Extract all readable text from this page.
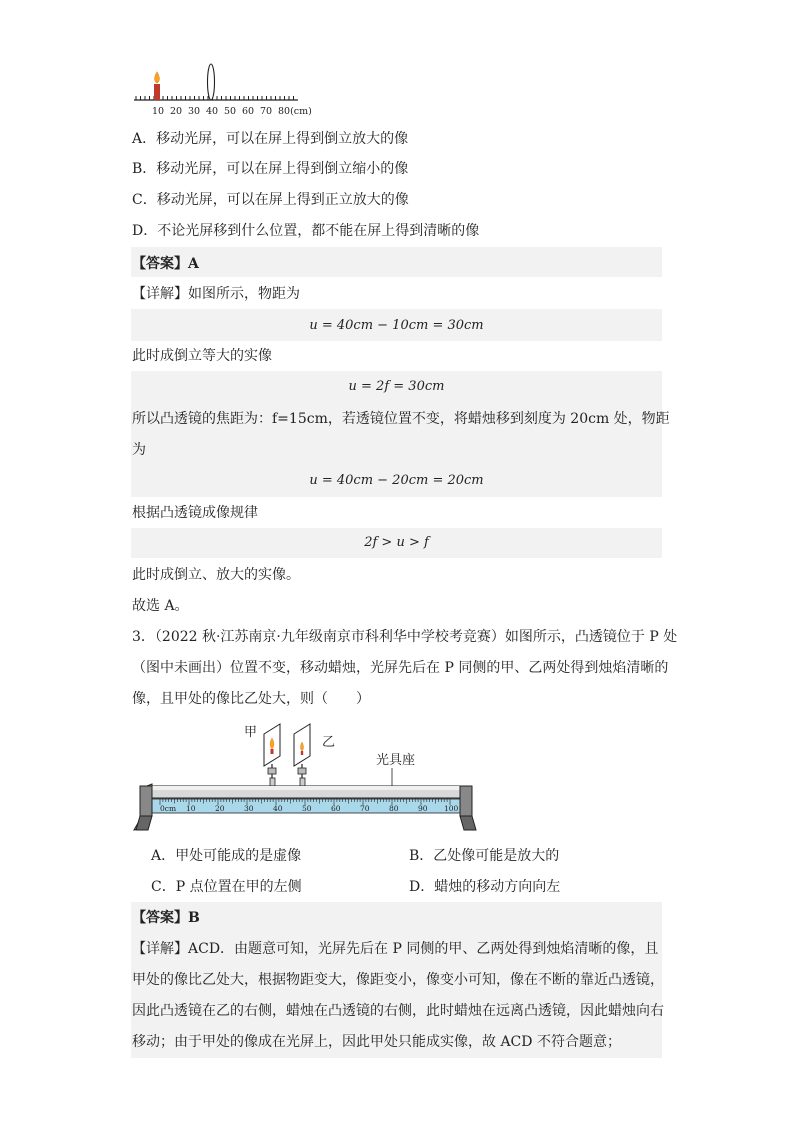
10 20 30 40 50 60 70 80(cm)
A．移动光屏，可以在屏上得到倒立放大的像
B．移动光屏，可以在屏上得到倒立缩小的像
C．移动光屏，可以在屏上得到正立放大的像
D．不论光屏移到什么位置，都不能在屏上得到清晰的像
【答案】A
【详解】如图所示，物距为
u = 40cm − 10cm = 30cm
此时成倒立等大的实像
u = 2f = 30cm
所以凸透镜的焦距为：f=15cm，若透镜位置不变，将蜡烛移到刻度为 20cm 处，物距
为
u = 40cm − 20cm = 20cm
根据凸透镜成像规律
2f > u > f
此时成倒立、放大的实像。
故选 A。
3．（2022 秋·江苏南京·九年级南京市科利华中学校考竞赛）如图所示，凸透镜位于 P 处
（图中未画出）位置不变，移动蜡烛，光屏先后在 P 同侧的甲、乙两处得到烛焰清晰的
像，且甲处的像比乙处大，则（　　）
甲
乙
光具座
0cm 10	20	30	40	50	60	70	80	90 100
A．甲处可能成的是虚像	B．乙处像可能是放大的
C．P 点位置在甲的左侧	D．蜡烛的移动方向向左
【答案】B
【详解】ACD．由题意可知，光屏先后在 P 同侧的甲、乙两处得到烛焰清晰的像，且
甲处的像比乙处大，根据物距变大，像距变小，像变小可知，像在不断的靠近凸透镜，
因此凸透镜在乙的右侧，蜡烛在凸透镜的右侧，此时蜡烛在远离凸透镜，因此蜡烛向右
移动；由于甲处的像成在光屏上，因此甲处只能成实像，故 ACD 不符合题意；
